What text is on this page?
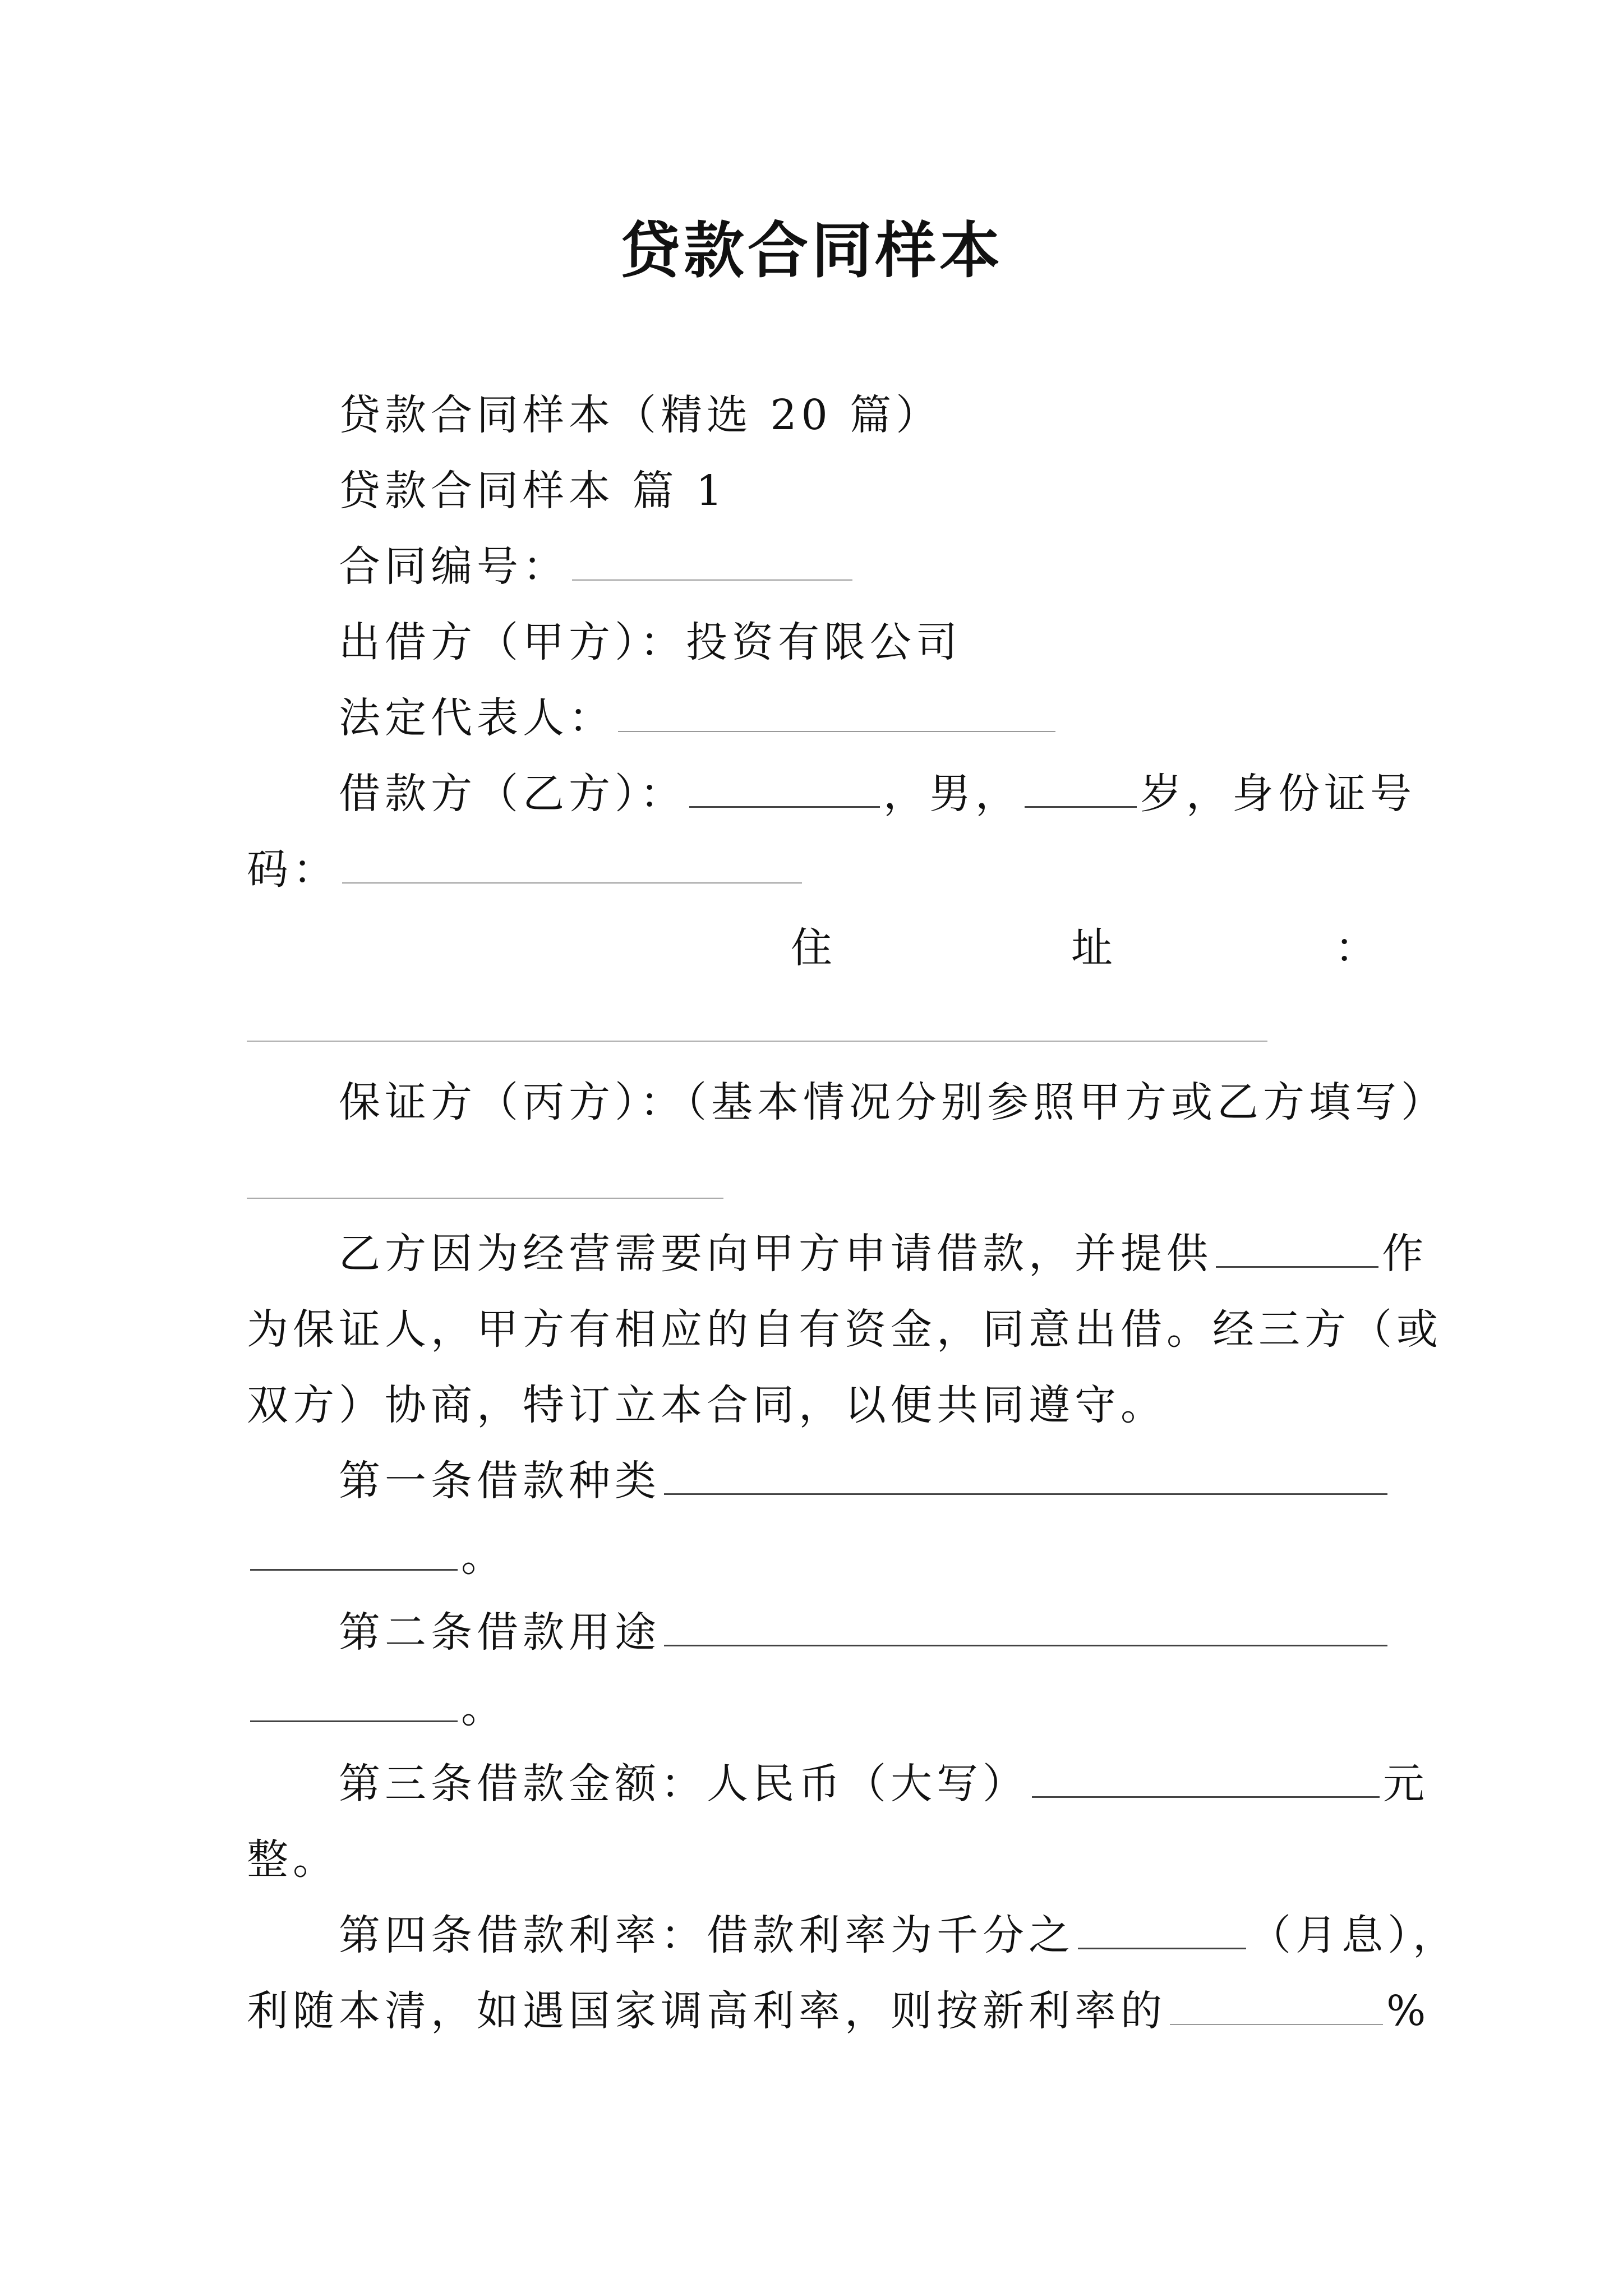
贷款合同样本
贷款合同样本（精选 20 篇）
贷款合同样本 篇 1
合同编号：
出借方（甲方）：投资有限公司
法定代表人：
借款方（乙方）：	，男，	岁，身份证号
码：
住	址	：
保证方（丙方）：（基本情况分别参照甲方或乙方填写）
乙方因为经营需要向甲方申请借款，并提供	作
为保证人，甲方有相应的自有资金，同意出借。经三方（或
双方）协商，特订立本合同，以便共同遵守。
第一条借款种类
。
第二条借款用途
。
第三条借款金额：人民币（大写）	元
整。
第四条借款利率：借款利率为千分之	（月息），
利随本清，如遇国家调高利率，则按新利率的	%
